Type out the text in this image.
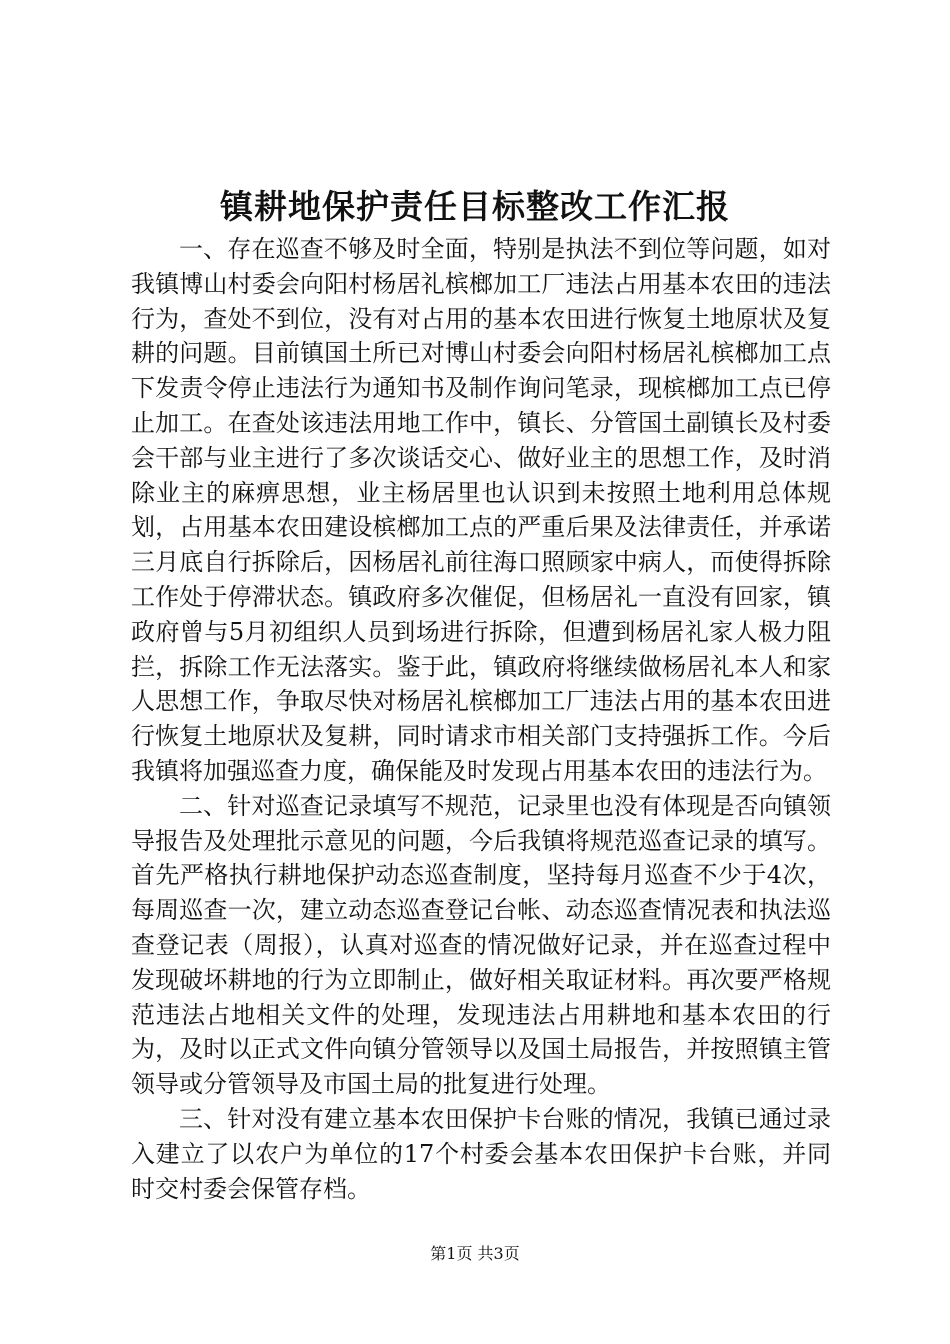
镇耕地保护责任目标整改工作汇报

一、存在巡查不够及时全面，特别是执法不到位等问题，如对我镇博山村委会向阳村杨居礼槟榔加工厂违法占用基本农田的违法行为，查处不到位，没有对占用的基本农田进行恢复土地原状及复耕的问题。目前镇国土所已对博山村委会向阳村杨居礼槟榔加工点下发责令停止违法行为通知书及制作询问笔录，现槟榔加工点已停止加工。在查处该违法用地工作中，镇长、分管国土副镇长及村委会干部与业主进行了多次谈话交心、做好业主的思想工作，及时消除业主的麻痹思想，业主杨居里也认识到未按照土地利用总体规划，占用基本农田建设槟榔加工点的严重后果及法律责任，并承诺三月底自行拆除后，因杨居礼前往海口照顾家中病人，而使得拆除工作处于停滞状态。镇政府多次催促，但杨居礼一直没有回家，镇政府曾与5月初组织人员到场进行拆除，但遭到杨居礼家人极力阻拦，拆除工作无法落实。鉴于此，镇政府将继续做杨居礼本人和家人思想工作，争取尽快对杨居礼槟榔加工厂违法占用的基本农田进行恢复土地原状及复耕，同时请求市相关部门支持强拆工作。今后我镇将加强巡查力度，确保能及时发现占用基本农田的违法行为。

二、针对巡查记录填写不规范，记录里也没有体现是否向镇领导报告及处理批示意见的问题，今后我镇将规范巡查记录的填写。首先严格执行耕地保护动态巡查制度，坚持每月巡查不少于4次，每周巡查一次，建立动态巡查登记台帐、动态巡查情况表和执法巡查登记表（周报），认真对巡查的情况做好记录，并在巡查过程中发现破坏耕地的行为立即制止，做好相关取证材料。再次要严格规范违法占地相关文件的处理，发现违法占用耕地和基本农田的行为，及时以正式文件向镇分管领导以及国土局报告，并按照镇主管领导或分管领导及市国土局的批复进行处理。

三、针对没有建立基本农田保护卡台账的情况，我镇已通过录入建立了以农户为单位的17个村委会基本农田保护卡台账，并同时交村委会保管存档。

第1页 共3页
